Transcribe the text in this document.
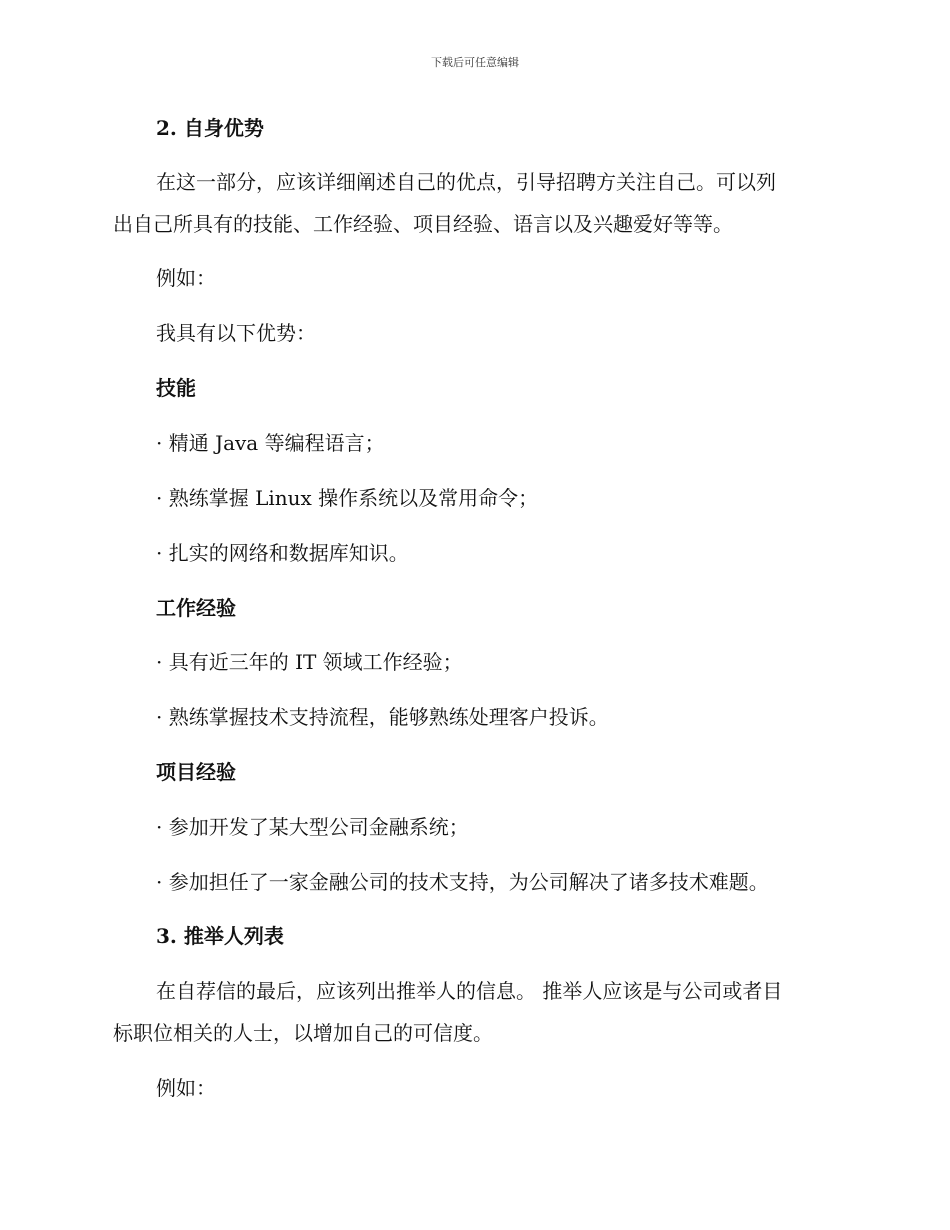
下载后可任意编辑
2. 自身优势
在这一部分，应该详细阐述自己的优点，引导招聘方关注自己。可以列
出自己所具有的技能、工作经验、项目经验、语言以及兴趣爱好等等。
例如：
我具有以下优势：
技能
· 精通 Java 等编程语言；
· 熟练掌握 Linux 操作系统以及常用命令；
· 扎实的网络和数据库知识。
工作经验
· 具有近三年的 IT 领域工作经验；
· 熟练掌握技术支持流程，能够熟练处理客户投诉。
项目经验
· 参加开发了某大型公司金融系统；
· 参加担任了一家金融公司的技术支持，为公司解决了诸多技术难题。
3. 推举人列表
在自荐信的最后，应该列出推举人的信息。 推举人应该是与公司或者目
标职位相关的人士，以增加自己的可信度。
例如：
